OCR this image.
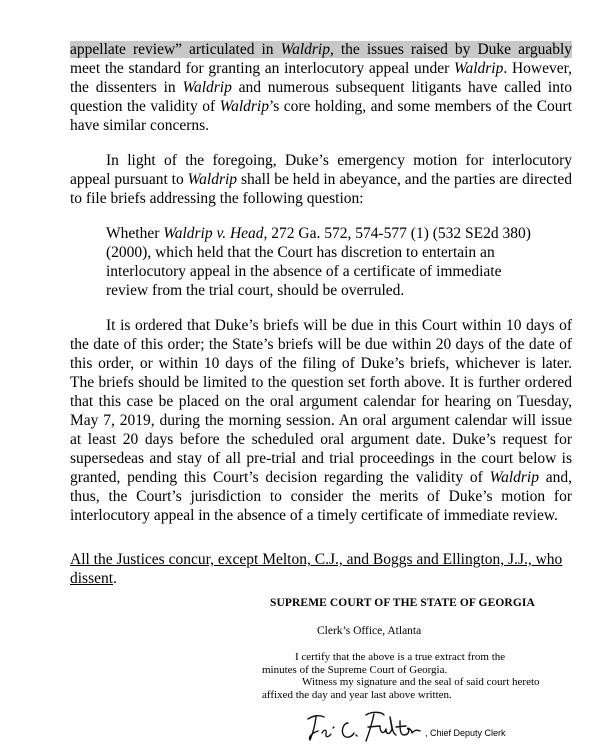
appellate review” articulated in Waldrip, the issues raised by Duke arguably meet the standard for granting an interlocutory appeal under Waldrip. However, the dissenters in Waldrip and numerous subsequent litigants have called into question the validity of Waldrip’s core holding, and some members of the Court have similar concerns.

In light of the foregoing, Duke’s emergency motion for interlocutory appeal pursuant to Waldrip shall be held in abeyance, and the parties are directed to file briefs addressing the following question:

Whether Waldrip v. Head, 272 Ga. 572, 574-577 (1) (532 SE2d 380) (2000), which held that the Court has discretion to entertain an interlocutory appeal in the absence of a certificate of immediate review from the trial court, should be overruled.

It is ordered that Duke’s briefs will be due in this Court within 10 days of the date of this order; the State’s briefs will be due within 20 days of the date of this order, or within 10 days of the filing of Duke’s briefs, whichever is later. The briefs should be limited to the question set forth above. It is further ordered that this case be placed on the oral argument calendar for hearing on Tuesday, May 7, 2019, during the morning session. An oral argument calendar will issue at least 20 days before the scheduled oral argument date. Duke’s request for supersedeas and stay of all pre-trial and trial proceedings in the court below is granted, pending this Court’s decision regarding the validity of Waldrip and, thus, the Court’s jurisdiction to consider the merits of Duke’s motion for interlocutory appeal in the absence of a timely certificate of immediate review.

All the Justices concur, except Melton, C.J., and Boggs and Ellington, J.J., who dissent.

SUPREME COURT OF THE STATE OF GEORGIA

Clerk’s Office, Atlanta

I certify that the above is a true extract from the
minutes of the Supreme Court of Georgia.
Witness my signature and the seal of said court hereto
affixed the day and year last above written.

, Chief Deputy Clerk
